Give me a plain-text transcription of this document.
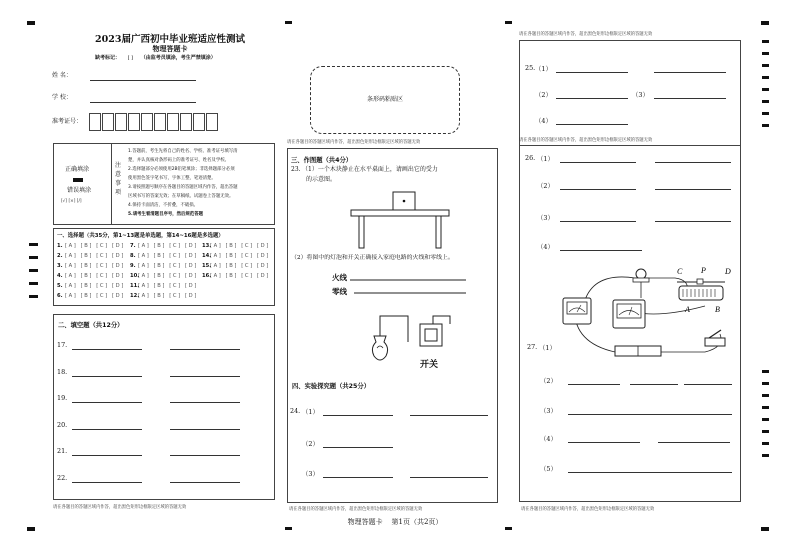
2023届广西初中毕业班适应性测试
物理答题卡
缺考标记： [ ] （由监考员填涂，考生严禁填涂）
姓 名：
学 校：
准考证号：
条形码粘贴区
正确填涂
错误填涂
[√] [×] [/]
注意事项
1.答题前，考生先将自己的姓名、学校、准考证号填写清
楚，并认真核对条形码上的准考证号、姓名及学校。
2.选择题部分必须使用2B铅笔填涂；非选择题部分必须
使用黑色签字笔书写，字体工整，笔迹清楚。
3.请按照题号顺序在各题目的答题区域内作答，超出答题
区域书写的答案无效；在草稿纸、试题卷上答题无效。
4.保持卡面清洁，不折叠，不破损。
5.请考生看清题目序号，然后规范答题
一、选择题（共35分，第1~13题是单选题，第14~16题是多选题）
1. [A] [B] [C] [D]
2. [A] [B] [C] [D]
3. [A] [B] [C] [D]
4. [A] [B] [C] [D]
5. [A] [B] [C] [D]
6. [A] [B] [C] [D]
7. [A] [B] [C] [D]
8. [A] [B] [C] [D]
9. [A] [B] [C] [D]
10.[A] [B] [C] [D]
11.[A] [B] [C] [D]
12.[A] [B] [C] [D]
13.[A] [B] [C] [D]
14.[A] [B] [C] [D]
15.[A] [B] [C] [D]
16.[A] [B] [C] [D]
二、填空题（共12分）
17.
18.
19.
20.
21.
22.
请在各题目的答题区域内作答，超出黑色矩形边框限定区域的答题无效
三、作图题（共4分）
23. （1）一个木块静止在水平桌面上，请画出它的受力
的示意图。
（2）将图中的灯泡和开关正确接入家庭电路的火线和零线上。
火线
零线
开关
四、实验探究题（共25分）
24. （1）
（2）
（3）
请在各题目的答题区域内作答，超出黑色矩形边框限定区域的答题无效
25. （1）
（2）	（3）
（4）
请在各题目的答题区域内作答，超出黑色矩形边框限定区域的答题无效
26. （1）
（2）
（3）
（4）
C P D
A	B
27. （1）
（2）
（3）
（4）
（5）
请在各题目的答题区域内作答，超出黑色矩形边框限定区域的答题无效	请在各题目的答题区域内作答，超出黑色矩形边框限定区域的答题无效	请在各题目的答题区域内作答，超出黑色矩形边框限定区域的答题无效
物理答题卡    第1页（共2页）
